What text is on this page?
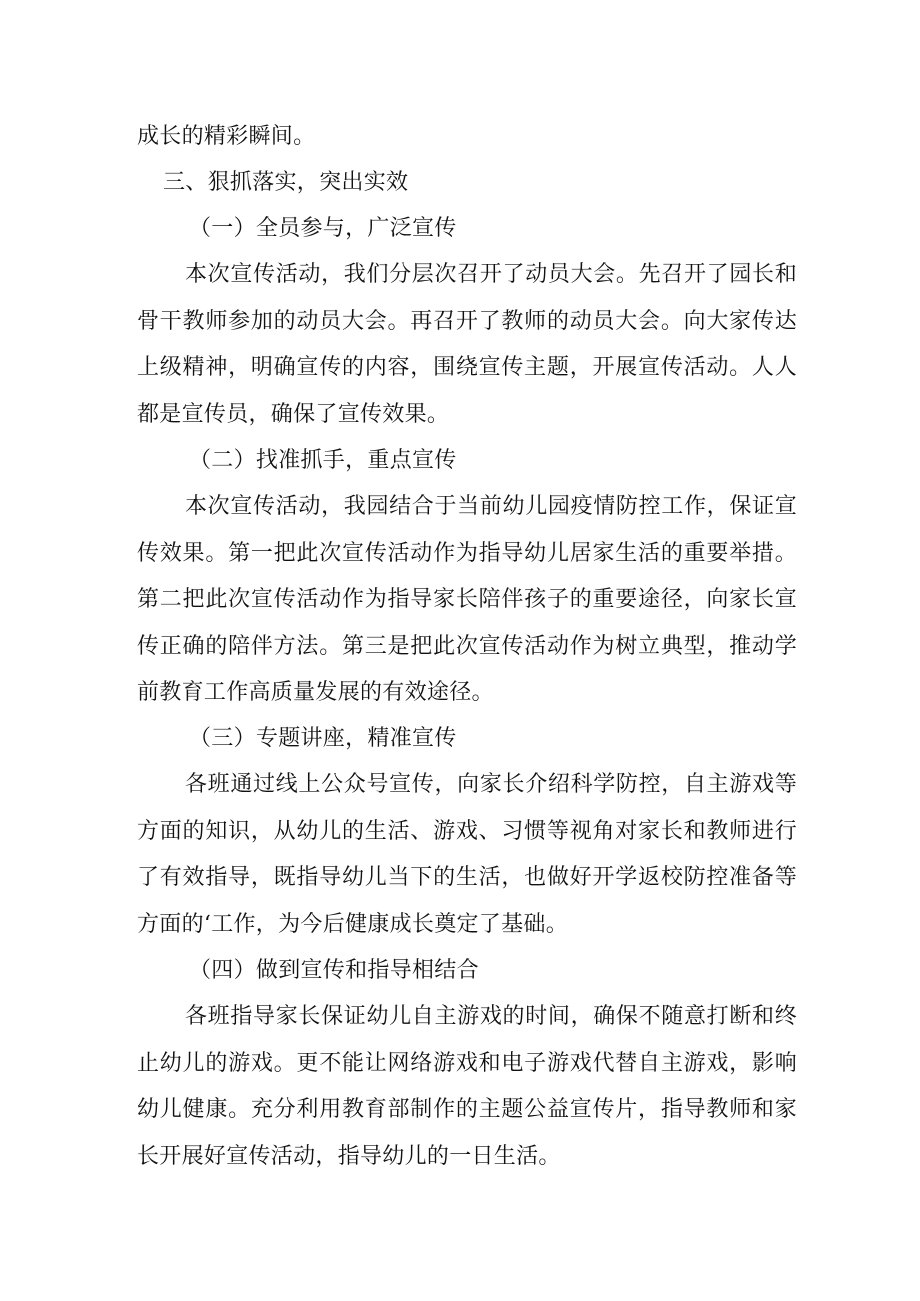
成长的精彩瞬间。
三、狠抓落实，突出实效
（一）全员参与，广泛宣传
本次宣传活动，我们分层次召开了动员大会。先召开了园长和骨干教师参加的动员大会。再召开了教师的动员大会。向大家传达上级精神，明确宣传的内容，围绕宣传主题，开展宣传活动。人人都是宣传员，确保了宣传效果。
（二）找准抓手，重点宣传
本次宣传活动，我园结合于当前幼儿园疫情防控工作，保证宣传效果。第一把此次宣传活动作为指导幼儿居家生活的重要举措。第二把此次宣传活动作为指导家长陪伴孩子的重要途径，向家长宣传正确的陪伴方法。第三是把此次宣传活动作为树立典型，推动学前教育工作高质量发展的有效途径。
（三）专题讲座，精准宣传
各班通过线上公众号宣传，向家长介绍科学防控，自主游戏等方面的知识，从幼儿的生活、游戏、习惯等视角对家长和教师进行了有效指导，既指导幼儿当下的生活，也做好开学返校防控准备等方面的‘工作，为今后健康成长奠定了基础。
（四）做到宣传和指导相结合
各班指导家长保证幼儿自主游戏的时间，确保不随意打断和终止幼儿的游戏。更不能让网络游戏和电子游戏代替自主游戏，影响幼儿健康。充分利用教育部制作的主题公益宣传片，指导教师和家长开展好宣传活动，指导幼儿的一日生活。
